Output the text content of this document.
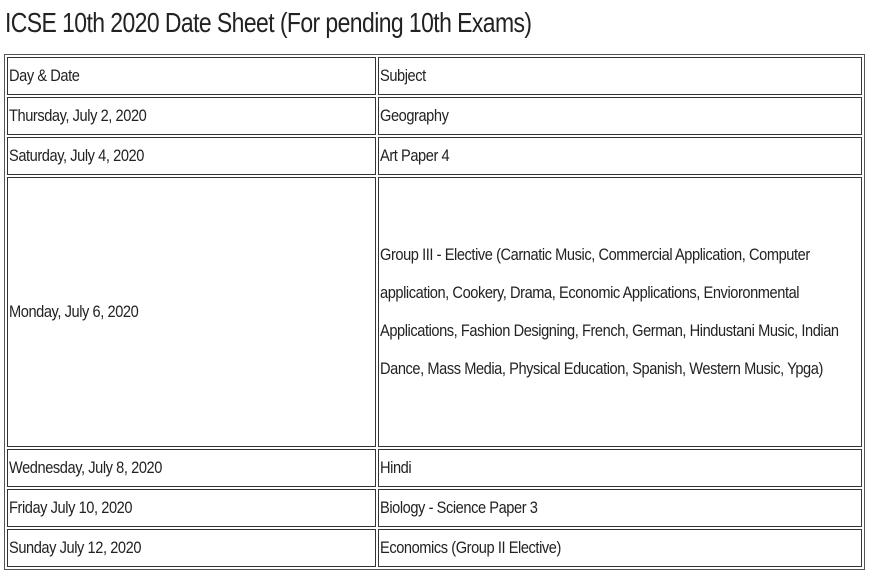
ICSE 10th 2020 Date Sheet (For pending 10th Exams)
Day & Date	Subject
Thursday, July 2, 2020	Geography
Saturday, July 4, 2020	Art Paper 4
Monday, July 6, 2020	Group III - Elective (Carnatic Music, Commercial Application, Computer application, Cookery, Drama, Economic Applications, Envioronmental Applications, Fashion Designing, French, German, Hindustani Music, Indian Dance, Mass Media, Physical Education, Spanish, Western Music, Ypga)
Wednesday, July 8, 2020	Hindi
Friday July 10, 2020	Biology - Science Paper 3
Sunday July 12, 2020	Economics (Group II Elective)
